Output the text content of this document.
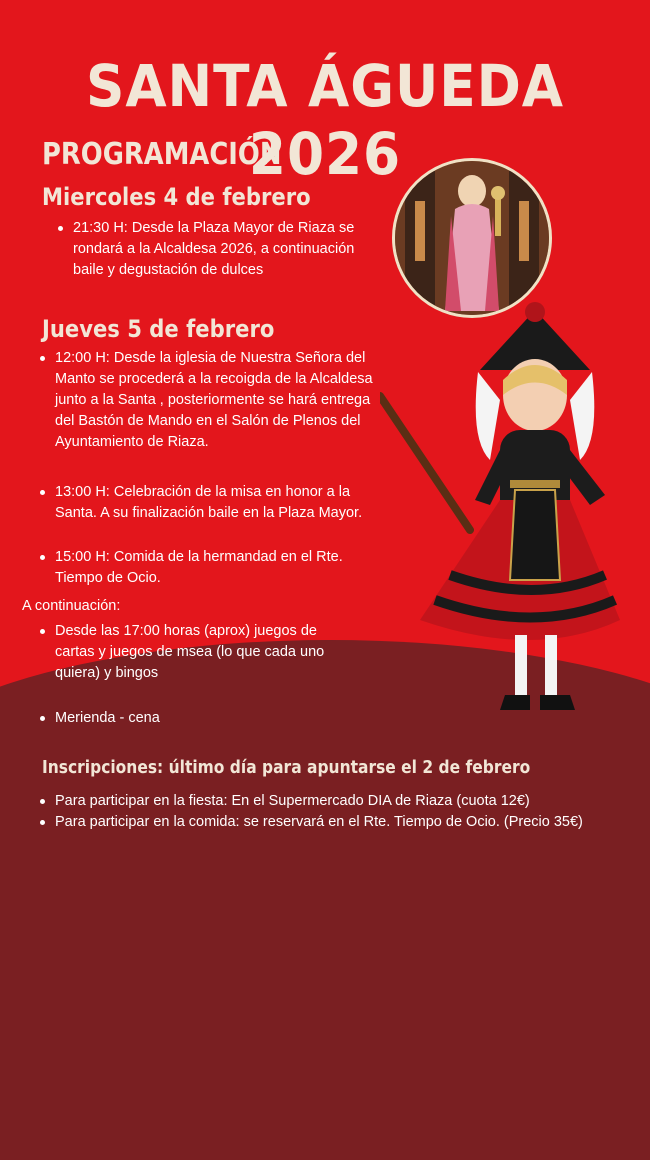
SANTA ÁGUEDA 2026
PROGRAMACIÓN
Miercoles 4 de febrero
21:30 H: Desde la Plaza Mayor de Riaza se rondará a la Alcaldesa 2026, a continuación baile y degustación de dulces
Jueves 5 de febrero
12:00 H: Desde la iglesia de Nuestra Señora del Manto se procederá a la recoigda de la Alcaldesa junto a la Santa , posteriormente se hará entrega del Bastón de Mando en el Salón de Plenos del Ayuntamiento de Riaza.
13:00 H: Celebración de la misa en honor a la Santa. A su finalización baile en la Plaza Mayor.
15:00 H: Comida de la hermandad en el Rte. Tiempo de Ocio.
A continuación:
Desde las 17:00 horas (aprox) juegos de cartas y juegos de msea (lo que cada uno quiera) y bingos
Merienda - cena
Inscripciones: último día para apuntarse el 2 de febrero
Para participar en la fiesta: En el Supermercado DIA de Riaza (cuota 12€)
Para participar en la comida: se reservará en el Rte. Tiempo de Ocio. (Precio 35€)
